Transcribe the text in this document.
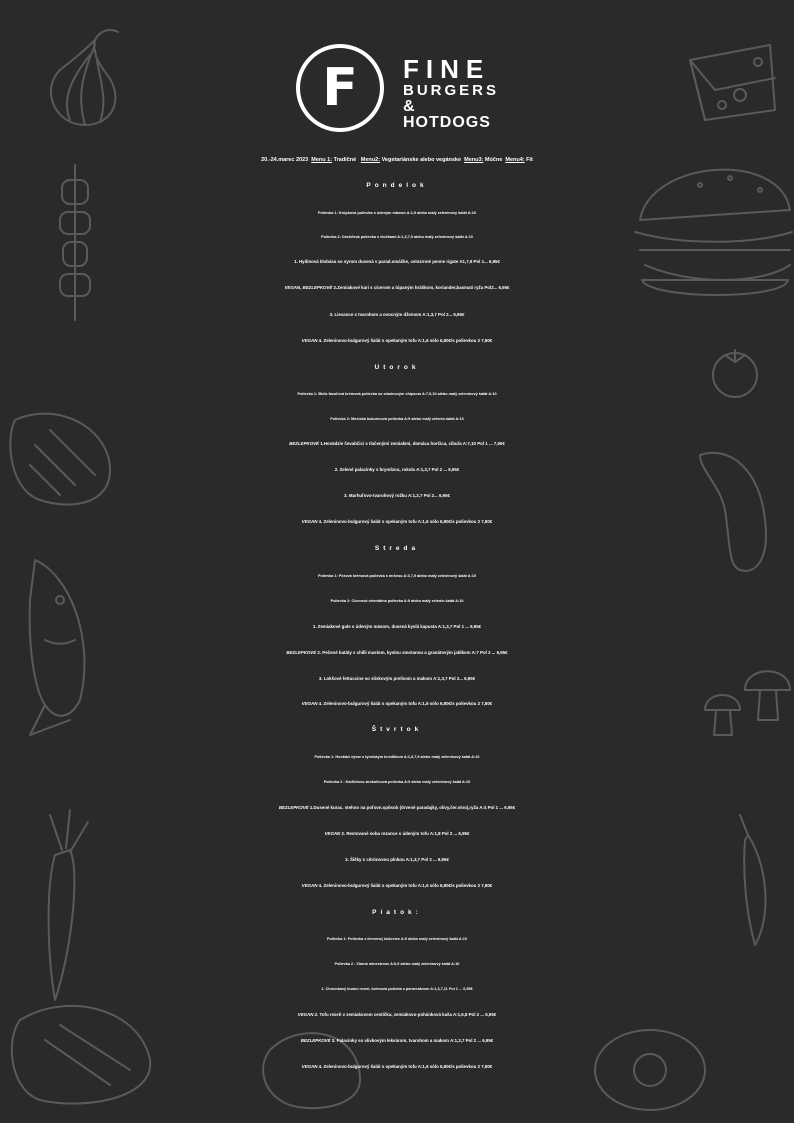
F	FINE
BURGERS
& HOTDOGS
20.-24.marec 2023 Menu 1: Tradičné Menu2: Vegetariánske alebo vegánske Menu3: Múčne Menu4: Fit
Pondelok
Polievka 1: Krúpková polievka s údeným mäsom A:1,9 alebo malý zeleninový šalát A:10
Polievka 2: Drožďová polievka s vločkami A:1,3,7,9 alebo malý zeleninový šalát A:10
1. Hydinová klobása so syrom dusená v parad.omáčke, celozrnné penne rigate A1,7,9 Pol 1... 6,95€
VEGAN, BEZLEPKOVÉ 2.Zemiakové kari s cícerom a lúpaným hráškom, koriander,basmati ryža Pol2... 6,95€
3. Lievance s tvarohom a ovocným džemom A:1,3,7 Pol 2... 6,95€
VEGAN 4. Zeleninovo-bulgurový šalát s opekaným tofu A:1,6 sólo 6,80€/s polievkou 2 7,80€
Utorok
Polievka 1: Biela fazuľová krémová polievka so slaninovým chipsom A:7,9,10 alebo malý zeleninový šalát A:10
Polievka 2: Mexická kukuricová polievka A:9 alebo malý zelenin.šalát A:10
BEZLEPKOVÉ 1.Hovädzie čevabčici s tlačenými zemiakmi, domáca horčica, cibuľa A:7,10 Pol 1 ... 7,50€
2. Zelené palacinky s bryndzou, rukola A:1,3,7 Pol 2 ... 6,95€
3. Marhuľovo-tvarohový rožku A:1,3,7 Pol 2... 6,95€
VEGAN 4. Zeleninovo-bulgurový šalát s opekaným tofu A:1,6 sólo 6,80€/s polievkou 2 7,80€
Streda
Polievka 1: Pórová krémová polievka s mrkvou A:3,7,9 alebo malý zeleninový šalát A:10
Polievka 2: Cícerová orientálna polievka A:9 alebo malý zelenin.šalát A:10
1. Zemiakové gule s údeným mäsom, dusená kyslá kapusta A:1,3,7 Pol 1 ... 6,95€
BEZLEPKOVÉ 2. Pečené batáty s chilli maslom, kyslou smotanou a granátovým jablkom A:7 Pol 2 ... 6,95€
3. Lokšové fettuccine so slivkovým prelivom a makom A:1,3,7 Pol 2... 6,95€
VEGAN 4. Zeleninovo-bulgurový šalát s opekaným tofu A:1,6 sólo 6,80€/s polievkou 2 7,80€
Štvrtok
Polievka 1: Hovädzí vývar s tyrolským knedlíkom A:1,3,7,9 alebo malý zeleninový šalát A:10
Polievka 2 : Karfiólovo-brokolicová polievka A:9 alebo malý zeleninový šalát A:10
BEZLEPKOVÉ 1.Dusené kurac. stehno na poľovn.spôsob (drvené paradajky, olivy,čer.víno),ryža A:4 Pol 1 ... 6,95€
VEGAN 2. Restované soba rezance s údeným tofu A:1,8 Pol 2 ... 6,95€
3. Šišky s citrónovou plnkou A:1,3,7 Pol 2 ... 6,95€
VEGAN 4. Zeleninovo-bulgurový šalát s opekaným tofu A:1,6 sólo 6,80€/s polievkou 2 7,80€
Piatok:
Polievka 1: Polievka z červenej šošovice A:9 alebo malý zeleninový šalát A:10
Polievka 2 : Zimná minestrone A:6,9 alebo malý zeleninový šalát A:10
1. Chrumkavý kurací rezeň, krémová polenta s parmezánom A:1,3,7,11 Pol 1 ... 6,95€
VEGAN 2. Tofu rezeň v zemiakovom cestíčku, zemiakovo-pohánková kaša A:1,6,8 Pol 2 ... 6,95€
BEZLEPKOVÉ 3. Palacinky so slivkovým lekvárom, tvarohom a makom A:1,3,7 Pol 2 ... 6,95€
VEGAN 4. Zeleninovo-bulgurový šalát s opekaným tofu A:1,6 sólo 6,80€/s polievkou 2 7,80€
